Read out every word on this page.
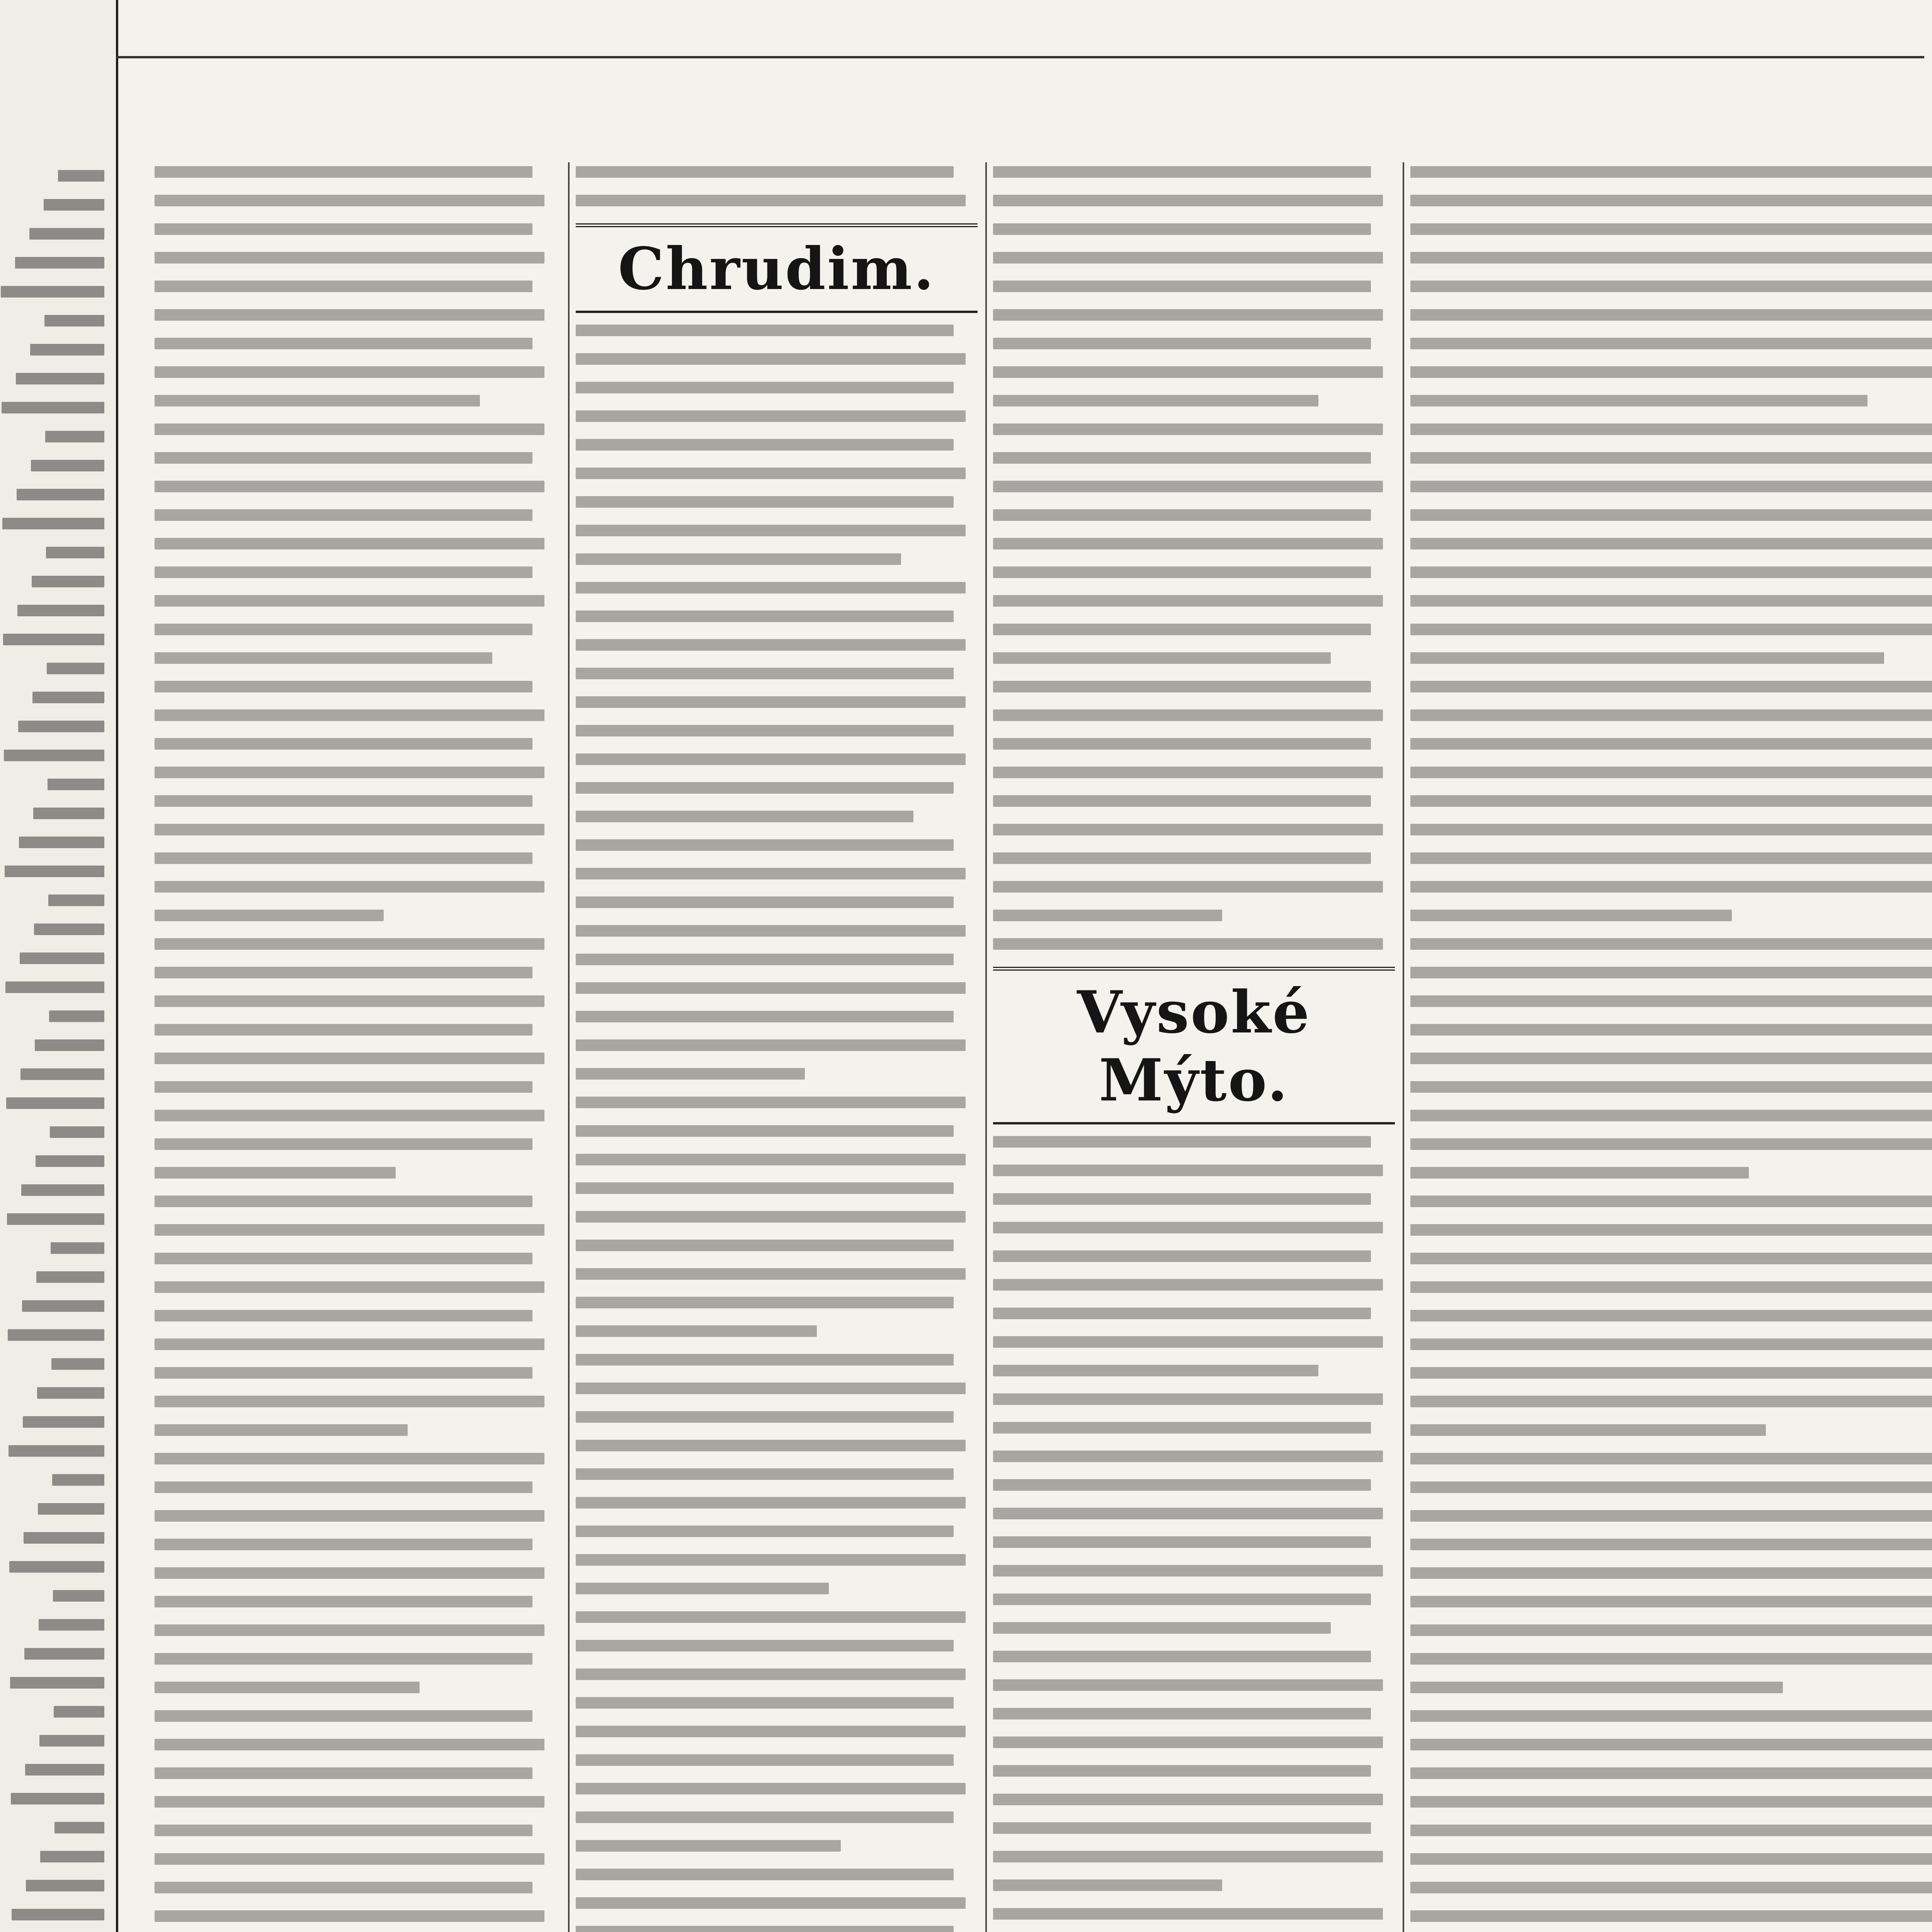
Chrudim.
Vysoké Mýto.
